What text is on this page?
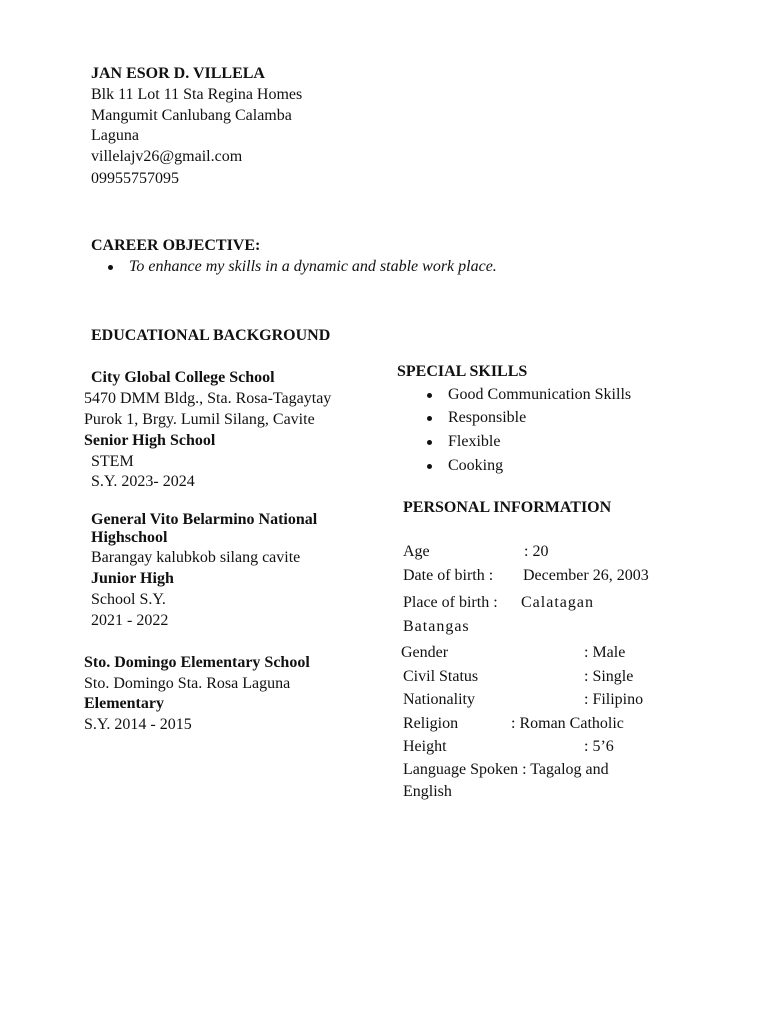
JAN ESOR D. VILLELA
Blk 11 Lot 11 Sta Regina Homes
Mangumit Canlubang Calamba
Laguna
villelajv26@gmail.com
09955757095
CAREER OBJECTIVE:
To enhance my skills in a dynamic and stable work place.
EDUCATIONAL BACKGROUND
City Global College School
5470 DMM Bldg., Sta. Rosa-Tagaytay
Purok 1, Brgy. Lumil Silang, Cavite
Senior High School
STEM
S.Y. 2023- 2024
General Vito Belarmino National
Highschool
Barangay kalubkob silang cavite
Junior High
School S.Y.
2021 - 2022
Sto. Domingo Elementary School
Sto. Domingo Sta. Rosa Laguna
Elementary
S.Y. 2014 - 2015
SPECIAL SKILLS
Good Communication Skills
Responsible
Flexible
Cooking
PERSONAL INFORMATION
Age	: 20
Date of birth : December 26, 2003
Place of birth : Calatagan
Batangas
Gender	: Male
Civil Status	: Single
Nationality	: Filipino
Religion	: Roman Catholic
Height	: 5’6
Language Spoken : Tagalog and
English
